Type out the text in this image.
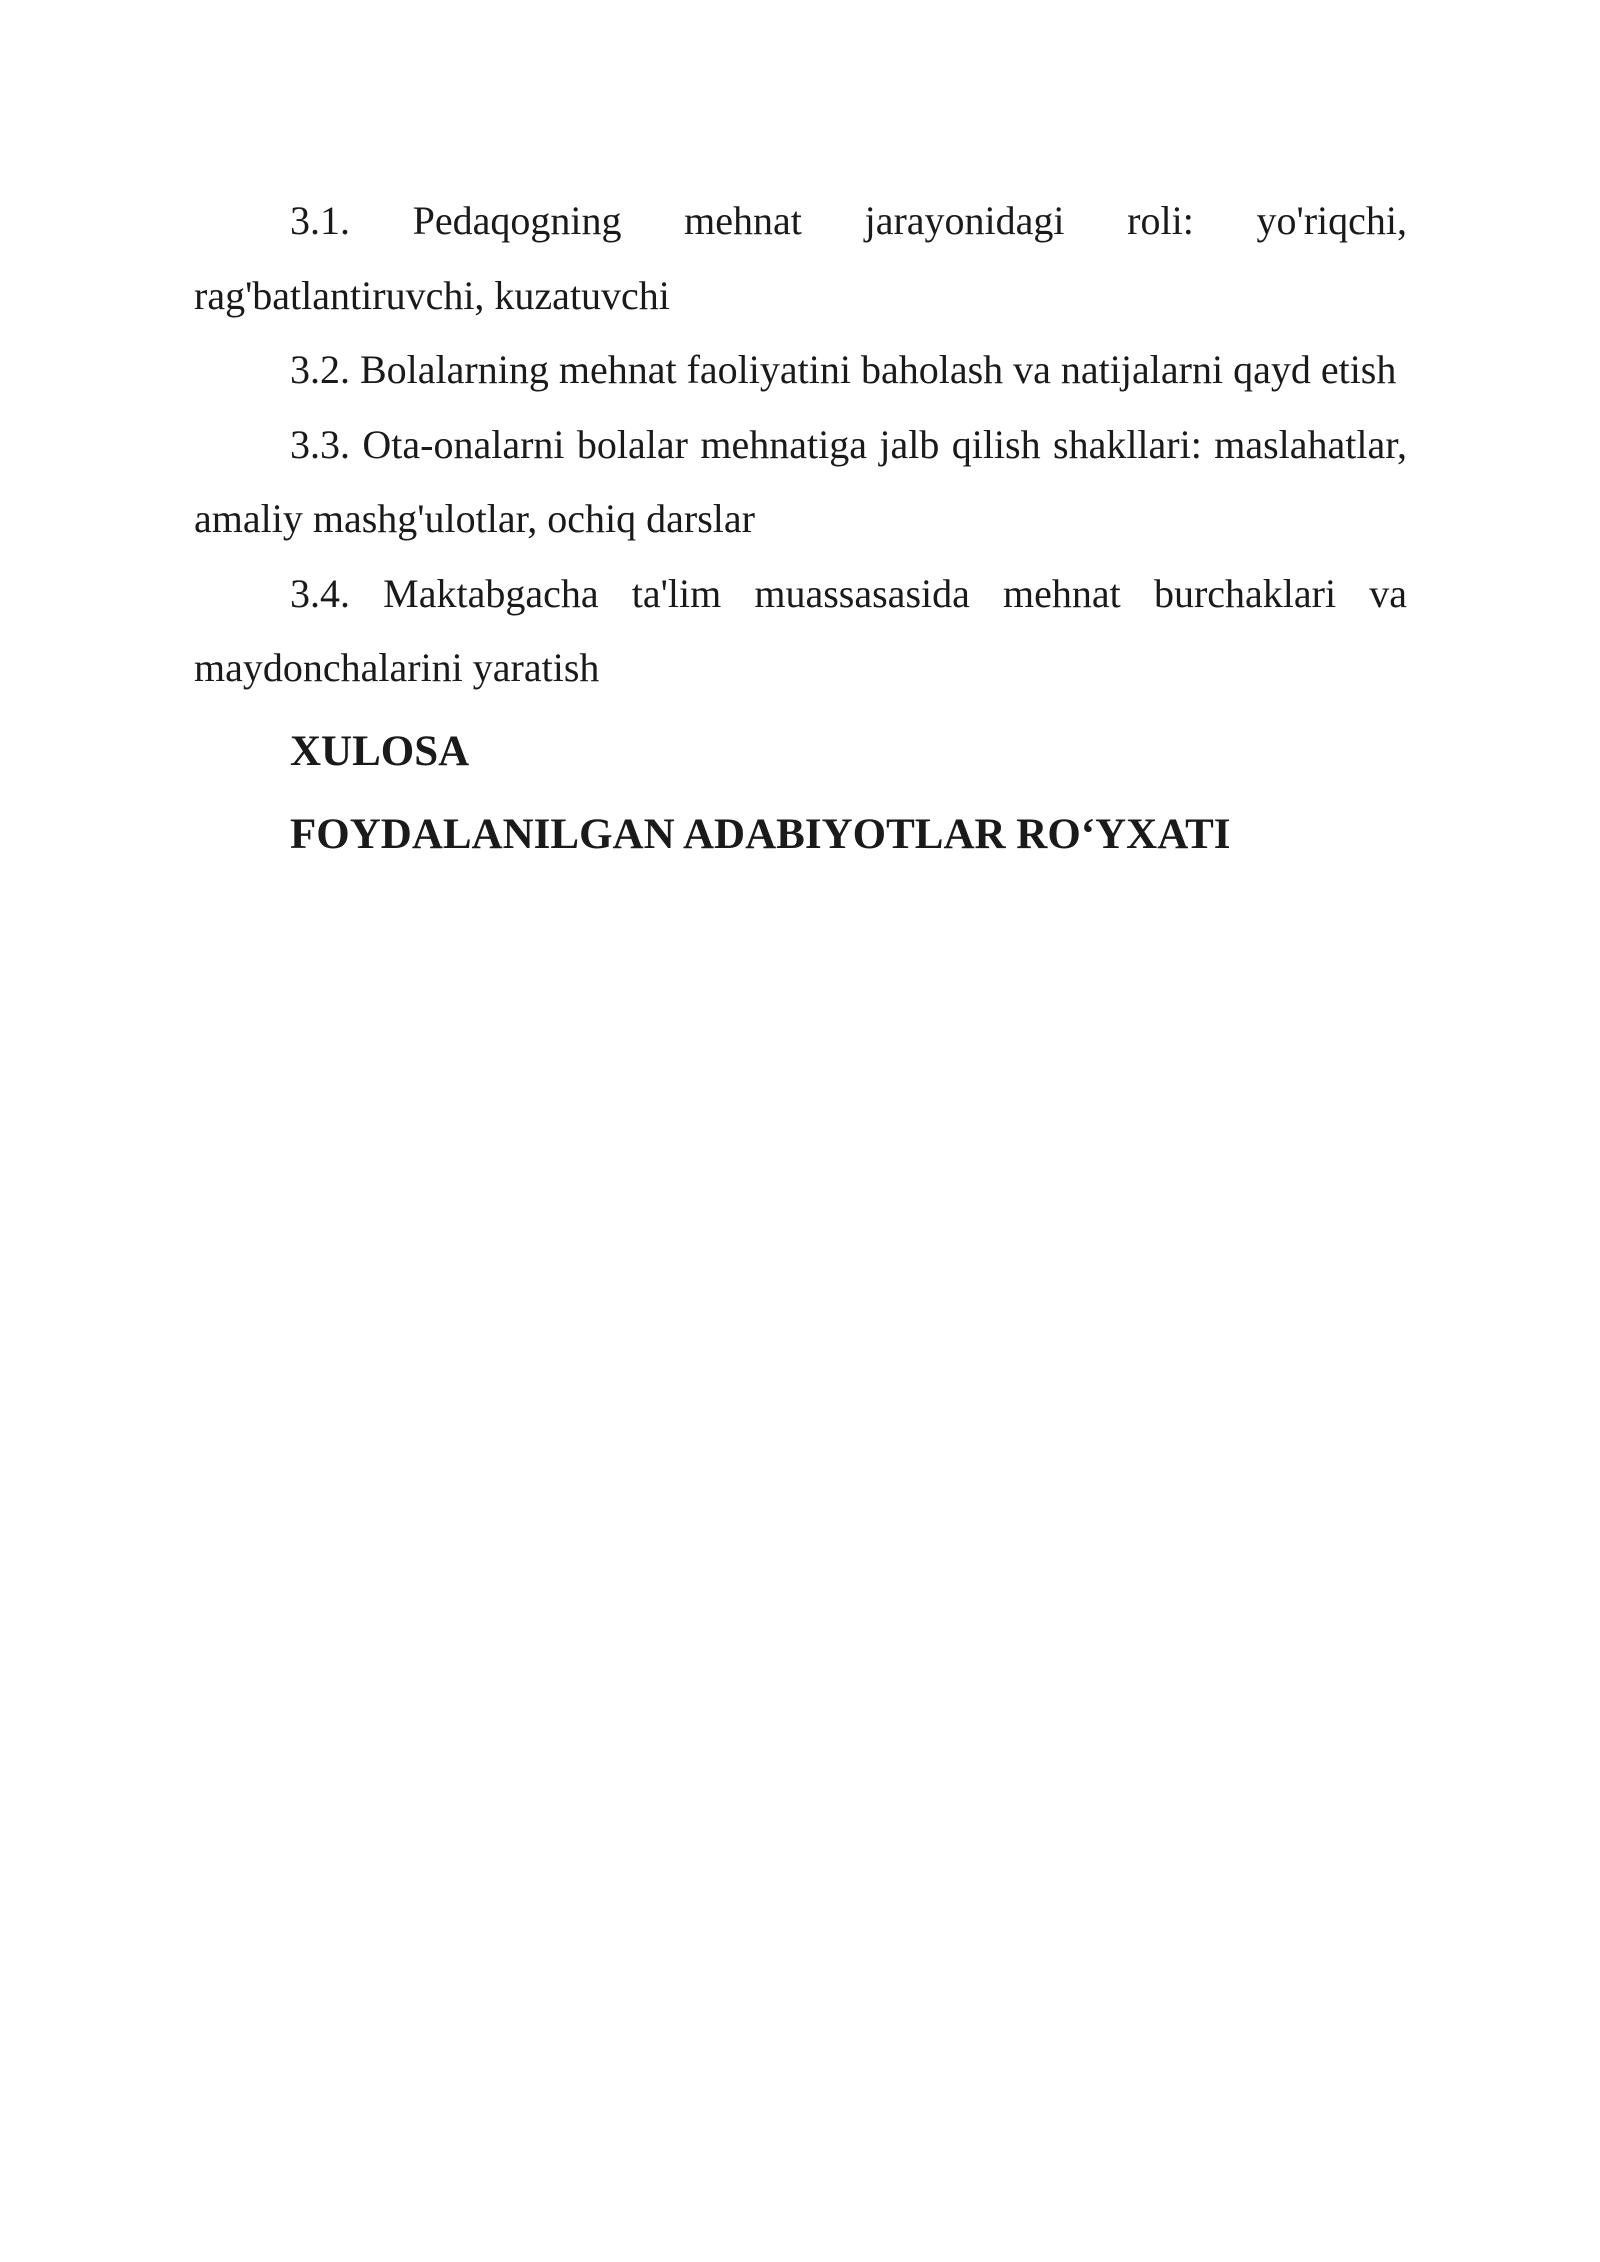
3.1. Pedaqogning mehnat jarayonidagi roli: yo'riqchi, rag'batlantiruvchi, kuzatuvchi

3.2. Bolalarning mehnat faoliyatini baholash va natijalarni qayd etish

3.3. Ota-onalarni bolalar mehnatiga jalb qilish shakllari: maslahatlar, amaliy mashg'ulotlar, ochiq darslar

3.4. Maktabgacha ta'lim muassasasida mehnat burchaklari va maydonchalarini yaratish

XULOSA

FOYDALANILGAN ADABIYOTLAR RO‘YXATI
